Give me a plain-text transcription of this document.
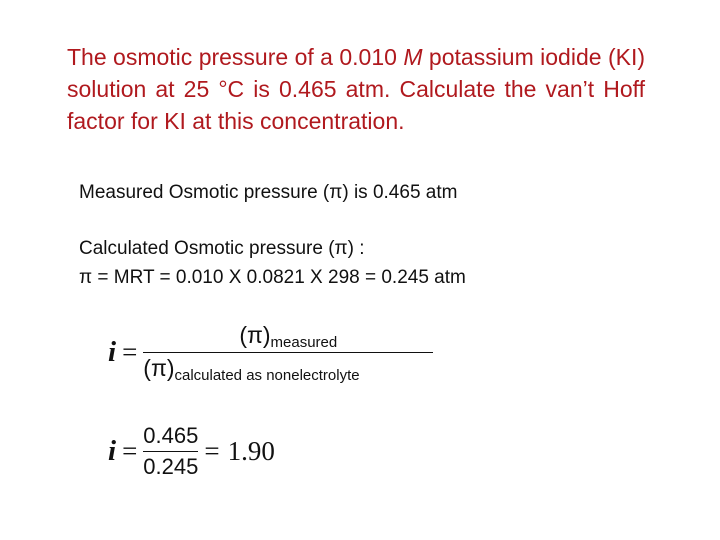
The osmotic pressure of a 0.010 M potassium iodide (KI) solution at 25 °C is 0.465 atm. Calculate the van’t Hoff factor for KI at this concentration.

Measured Osmotic pressure (π) is 0.465 atm

Calculated Osmotic pressure (π) :

π = MRT = 0.010 X 0.0821 X 298 = 0.245 atm

$i = \frac{\text{(π) measured}}{\text{(π) calculated as nonelectrolyte}}$
$i = \frac{0.465}{0.245} = 1.90$
